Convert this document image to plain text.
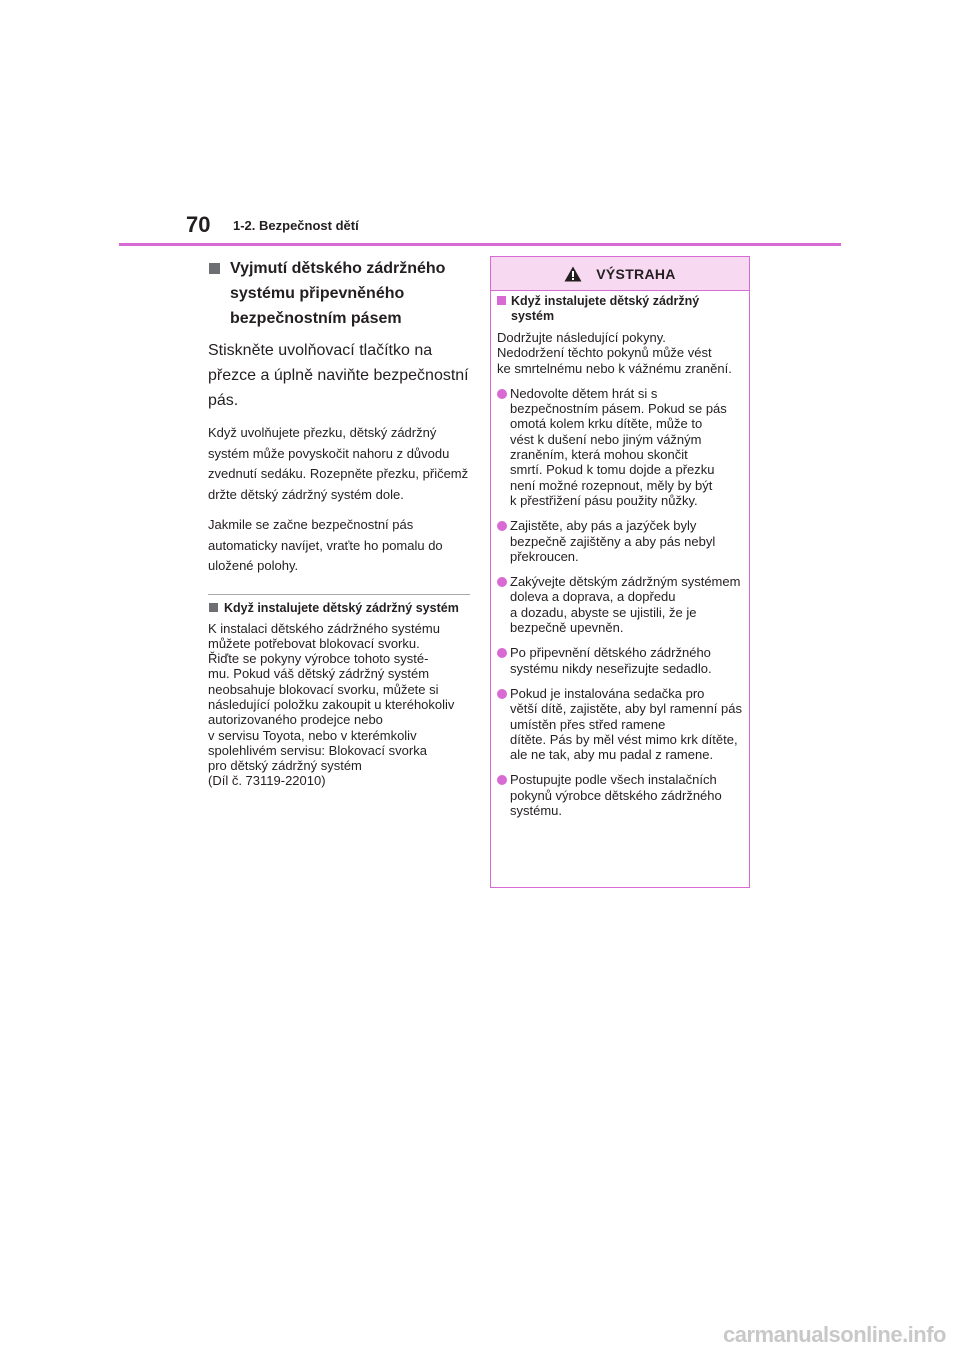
70 1-2. Bezpečnost dětí
Vyjmutí dětského zádržného systému připevněného bezpečnostním pásem
Stiskněte uvolňovací tlačítko na přezce a úplně naviňte bezpečnostní pás.
Když uvolňujete přezku, dětský zádržný systém může povyskočit nahoru z důvodu zvednutí sedáku. Rozepněte přezku, přičemž držte dětský zádržný systém dole.
Jakmile se začne bezpečnostní pás automaticky navíjet, vraťte ho pomalu do uložené polohy.
Když instalujete dětský zádržný systém
K instalaci dětského zádržného systému
můžete potřebovat blokovací svorku.
Řiďte se pokyny výrobce tohoto systé-
mu. Pokud váš dětský zádržný systém
neobsahuje blokovací svorku, můžete si
následující položku zakoupit u kteréhokoliv autorizovaného prodejce nebo
v servisu Toyota, nebo v kterémkoliv
spolehlivém servisu: Blokovací svorka
pro dětský zádržný systém
(Díl č. 73119-22010)
VÝSTRAHA
Když instalujete dětský zádržný systém
Dodržujte následující pokyny.
Nedodržení těchto pokynů může vést
ke smrtelnému nebo k vážnému zranění.
Nedovolte dětem hrát si s bezpečnostním pásem. Pokud se pás
omotá kolem krku dítěte, může to
vést k dušení nebo jiným vážným
zraněním, která mohou skončit
smrtí. Pokud k tomu dojde a přezku
není možné rozepnout, měly by být
k přestřižení pásu použity nůžky.
Zajistěte, aby pás a jazýček byly
bezpečně zajištěny a aby pás nebyl
překroucen.
Zakývejte dětským zádržným systémem doleva a doprava, a dopředu
a dozadu, abyste se ujistili, že je
bezpečně upevněn.
Po připevnění dětského zádržného
systému nikdy neseřizujte sedadlo.
Pokud je instalována sedačka pro
větší dítě, zajistěte, aby byl ramenní pás umístěn přes střed ramene
dítěte. Pás by měl vést mimo krk dítěte, ale ne tak, aby mu padal z ramene.
Postupujte podle všech instalačních pokynů výrobce dětského zádržného systému.
carmanualsonline.info
